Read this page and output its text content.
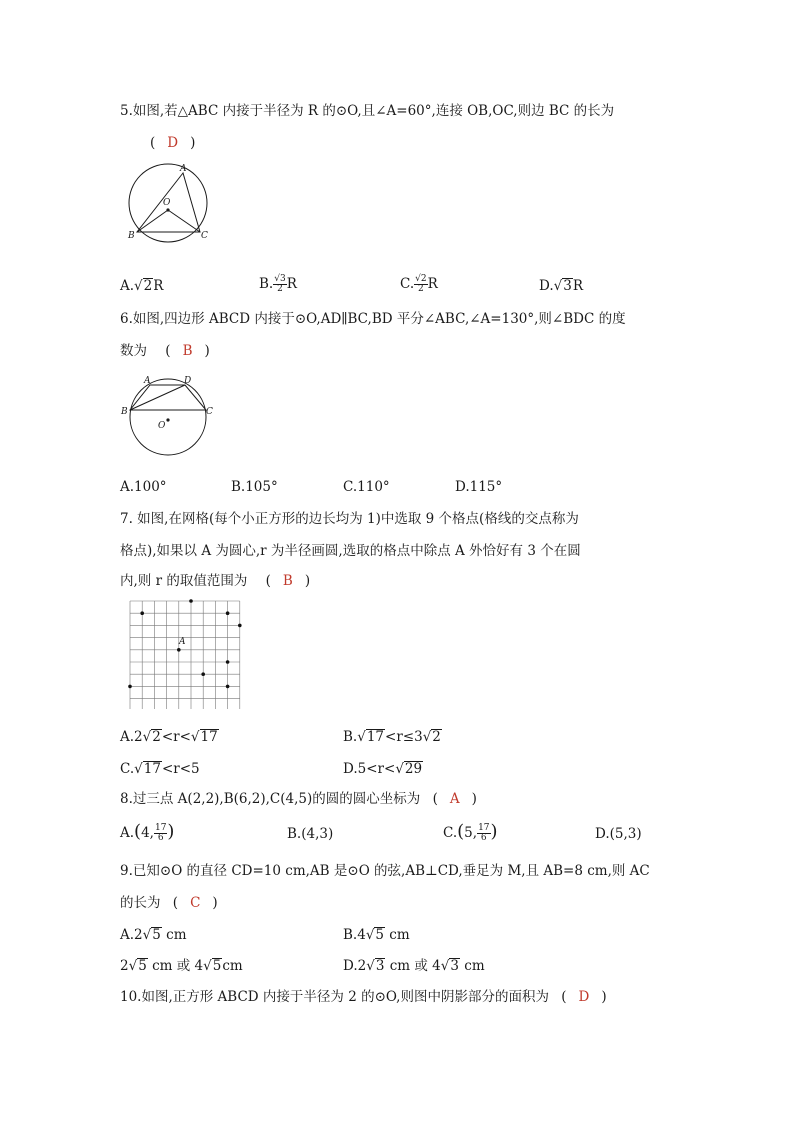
5.如图,若△ABC 内接于半径为 R 的⊙O,且∠A=60°,连接 OB,OC,则边 BC 的长为
( D )
A
O
B	C
A.√2R	B. $\frac{√3}{2}$ R	C. $\frac{√2}{2}$ R	D.√3R
6.如图,四边形 ABCD 内接于⊙O,AD∥BC,BD 平分∠ABC,∠A=130°,则∠BDC 的度
数为 ( B )
A	D
B	C
O
A.100°	B.105°	C.110°	D.115°
7. 如图,在网格(每个小正方形的边长均为 1)中选取 9 个格点(格线的交点称为
格点),如果以 A 为圆心,r 为半径画圆,选取的格点中除点 A 外恰好有 3 个在圆
内,则 r 的取值范围为 ( B )
A
A.2√2<r<√17	B.√17<r≤3√2
C.√17<r<5	D.5<r<√29
8.过三点 A(2,2),B(6,2),C(4,5)的圆的圆心坐标为 ( A )
A.(4, $\frac{17}{6}$ )	B.(4,3)	C.(5, $\frac{17}{6}$ )	D.(5,3)
9.已知⊙O 的直径 CD=10 cm,AB 是⊙O 的弦,AB⊥CD,垂足为 M,且 AB=8 cm,则 AC
的长为 ( C )
A.2√5 cm	B.4√5 cm
2√5 cm 或 4√5cm	D.2√3 cm 或 4√3 cm
10.如图,正方形 ABCD 内接于半径为 2 的⊙O,则图中阴影部分的面积为 ( D )
